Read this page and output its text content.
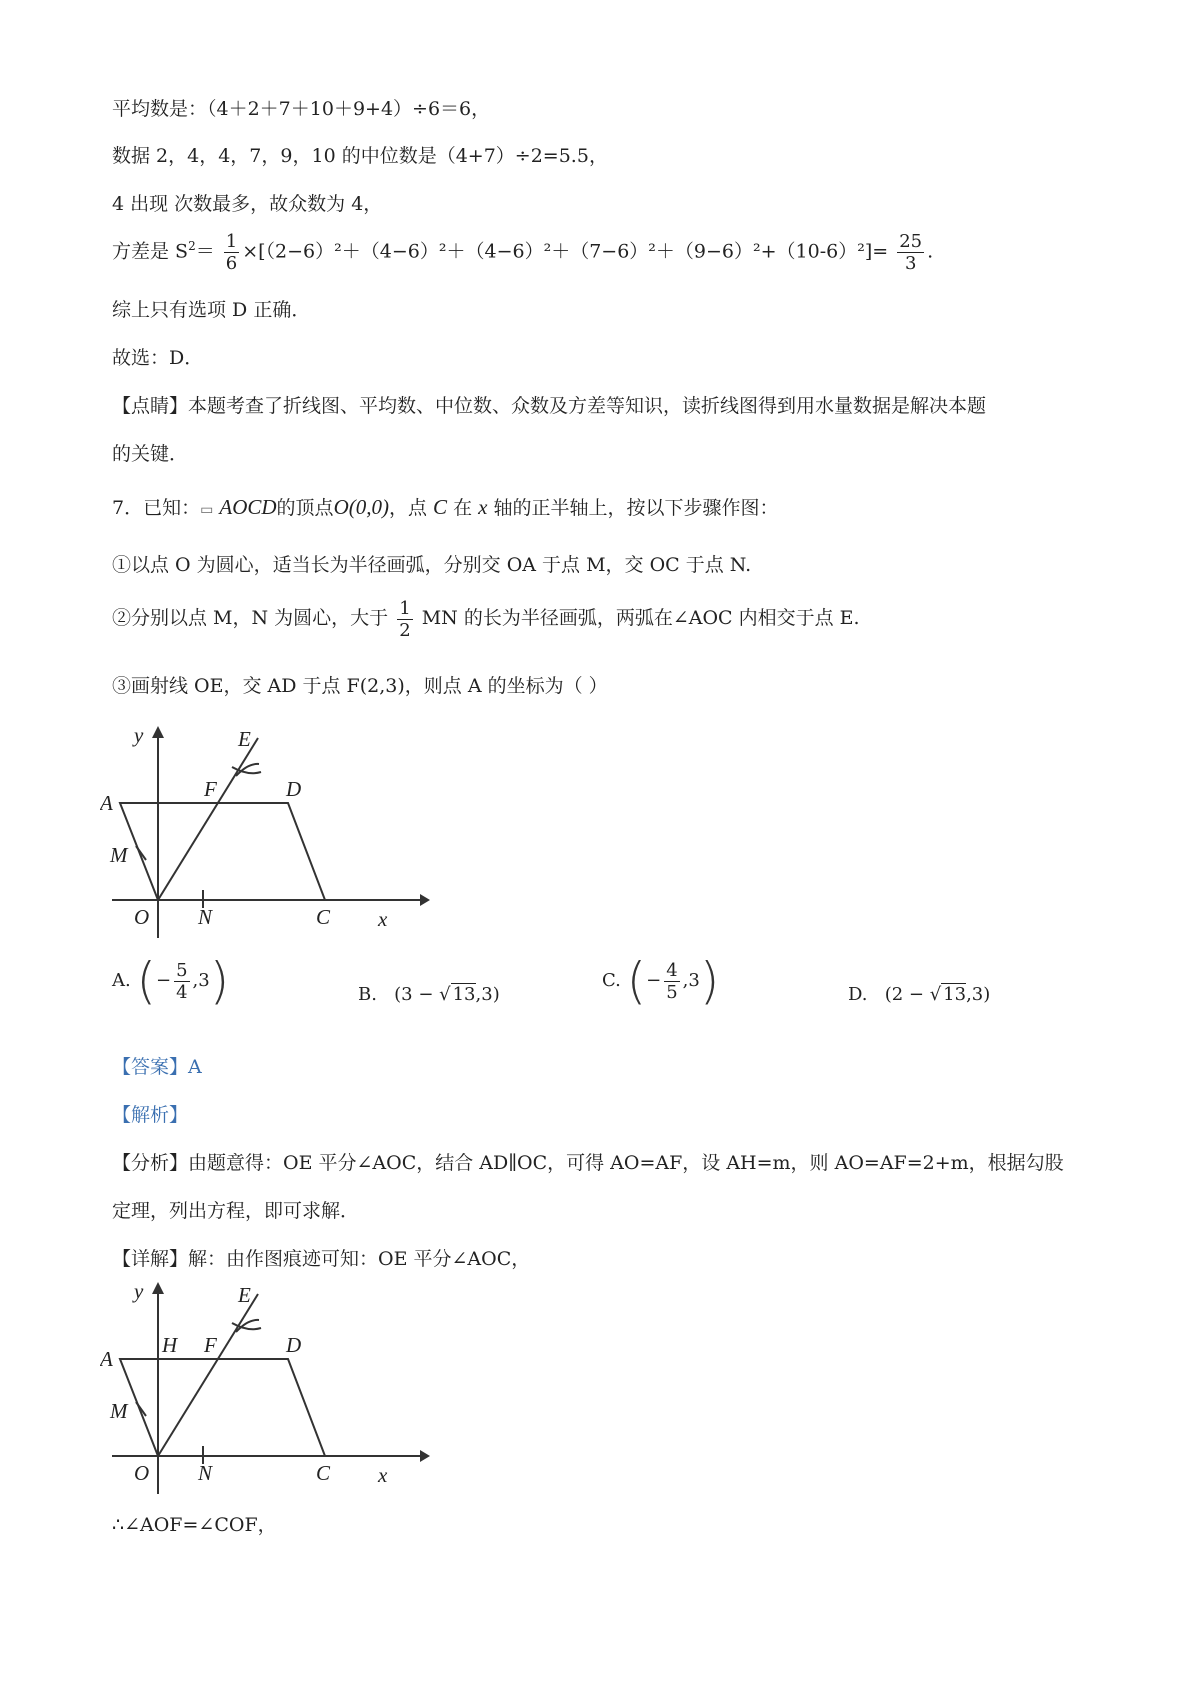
平均数是：（4＋2＋7＋10＋9+4）÷6＝6，
数据 2，4，4，7，9，10 的中位数是（4+7）÷2=5.5，
4 出现 次数最多，故众数为 4，
方差是 $S^2= \frac{1}{6} \times[(2-6)^2+(4-6)^2+(4-6)^2+(7-6)^2+(9-6)^2+(10-6)^2]= \frac{25}{3}$ .
综上只有选项 D 正确．
故选：D．
【点睛】本题考查了折线图、平均数、中位数、众数及方差等知识，读折线图得到用水量数据是解决本题
的关键．
7．已知：▭ AOCD的顶点O(0,0)，点 C 在 x 轴的正半轴上，按以下步骤作图：
①以点 O 为圆心，适当长为半径画弧，分别交 OA 于点 M，交 OC 于点 N.
②分别以点 M，N 为圆心，大于 $\frac{1}{2}$ MN 的长为半径画弧，两弧在∠AOC 内相交于点 E.
③画射线 OE，交 AD 于点 F(2,3)，则点 A 的坐标为（ ）
y
x
A
M
O N	C
D
F
E
A. (− $\frac{5}{4} ,3$)	B. (3 − √ 13,3)
C. (− $\frac{4}{5} ,3$)	D. (2 − √ 13,3)
【答案】A
【解析】
【分析】由题意得：OE 平分∠AOC，结合 AD∥OC，可得 AO=AF，设 AH=m，则 AO=AF=2+m，根据勾股
定理，列出方程，即可求解．
【详解】解：由作图痕迹可知：OE 平分∠AOC，
y
x
A
H
M
O N	C
D
F
E
∴∠AOF=∠COF，
